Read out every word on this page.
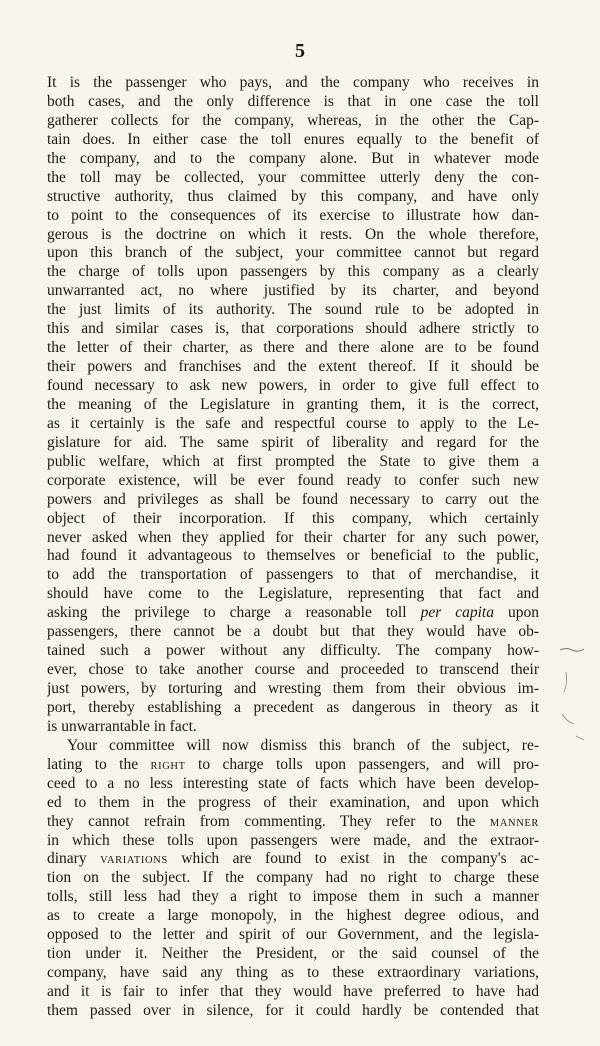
5

It is the passenger who pays, and the company who receives in
both cases, and the only difference is that in one case the toll
gatherer collects for the company, whereas, in the other the Cap-
tain does. In either case the toll enures equally to the benefit of
the company, and to the company alone. But in whatever mode
the toll may be collected, your committee utterly deny the con-
structive authority, thus claimed by this company, and have only
to point to the consequences of its exercise to illustrate how dan-
gerous is the doctrine on which it rests. On the whole therefore,
upon this branch of the subject, your committee cannot but regard
the charge of tolls upon passengers by this company as a clearly
unwarranted act, no where justified by its charter, and beyond
the just limits of its authority. The sound rule to be adopted in
this and similar cases is, that corporations should adhere strictly to
the letter of their charter, as there and there alone are to be found
their powers and franchises and the extent thereof. If it should be
found necessary to ask new powers, in order to give full effect to
the meaning of the Legislature in granting them, it is the correct,
as it certainly is the safe and respectful course to apply to the Le-
gislature for aid. The same spirit of liberality and regard for the
public welfare, which at first prompted the State to give them a
corporate existence, will be ever found ready to confer such new
powers and privileges as shall be found necessary to carry out the
object of their incorporation. If this company, which certainly
never asked when they applied for their charter for any such power,
had found it advantageous to themselves or beneficial to the public,
to add the transportation of passengers to that of merchandise, it
should have come to the Legislature, representing that fact and
asking the privilege to charge a reasonable toll per capita upon
passengers, there cannot be a doubt but that they would have ob-
tained such a power without any difficulty. The company how-
ever, chose to take another course and proceeded to transcend their
just powers, by torturing and wresting them from their obvious im-
port, thereby establishing a precedent as dangerous in theory as it
is unwarrantable in fact.

Your committee will now dismiss this branch of the subject, re-
lating to the RIGHT to charge tolls upon passengers, and will pro-
ceed to a no less interesting state of facts which have been develop-
ed to them in the progress of their examination, and upon which
they cannot refrain from commenting. They refer to the MANNER
in which these tolls upon passengers were made, and the extraor-
dinary VARIATIONS which are found to exist in the company's ac-
tion on the subject. If the company had no right to charge these
tolls, still less had they a right to impose them in such a manner
as to create a large monopoly, in the highest degree odious, and
opposed to the letter and spirit of our Government, and the legisla-
tion under it. Neither the President, or the said counsel of the
company, have said any thing as to these extraordinary variations,
and it is fair to infer that they would have preferred to have had
them passed over in silence, for it could hardly be contended that
